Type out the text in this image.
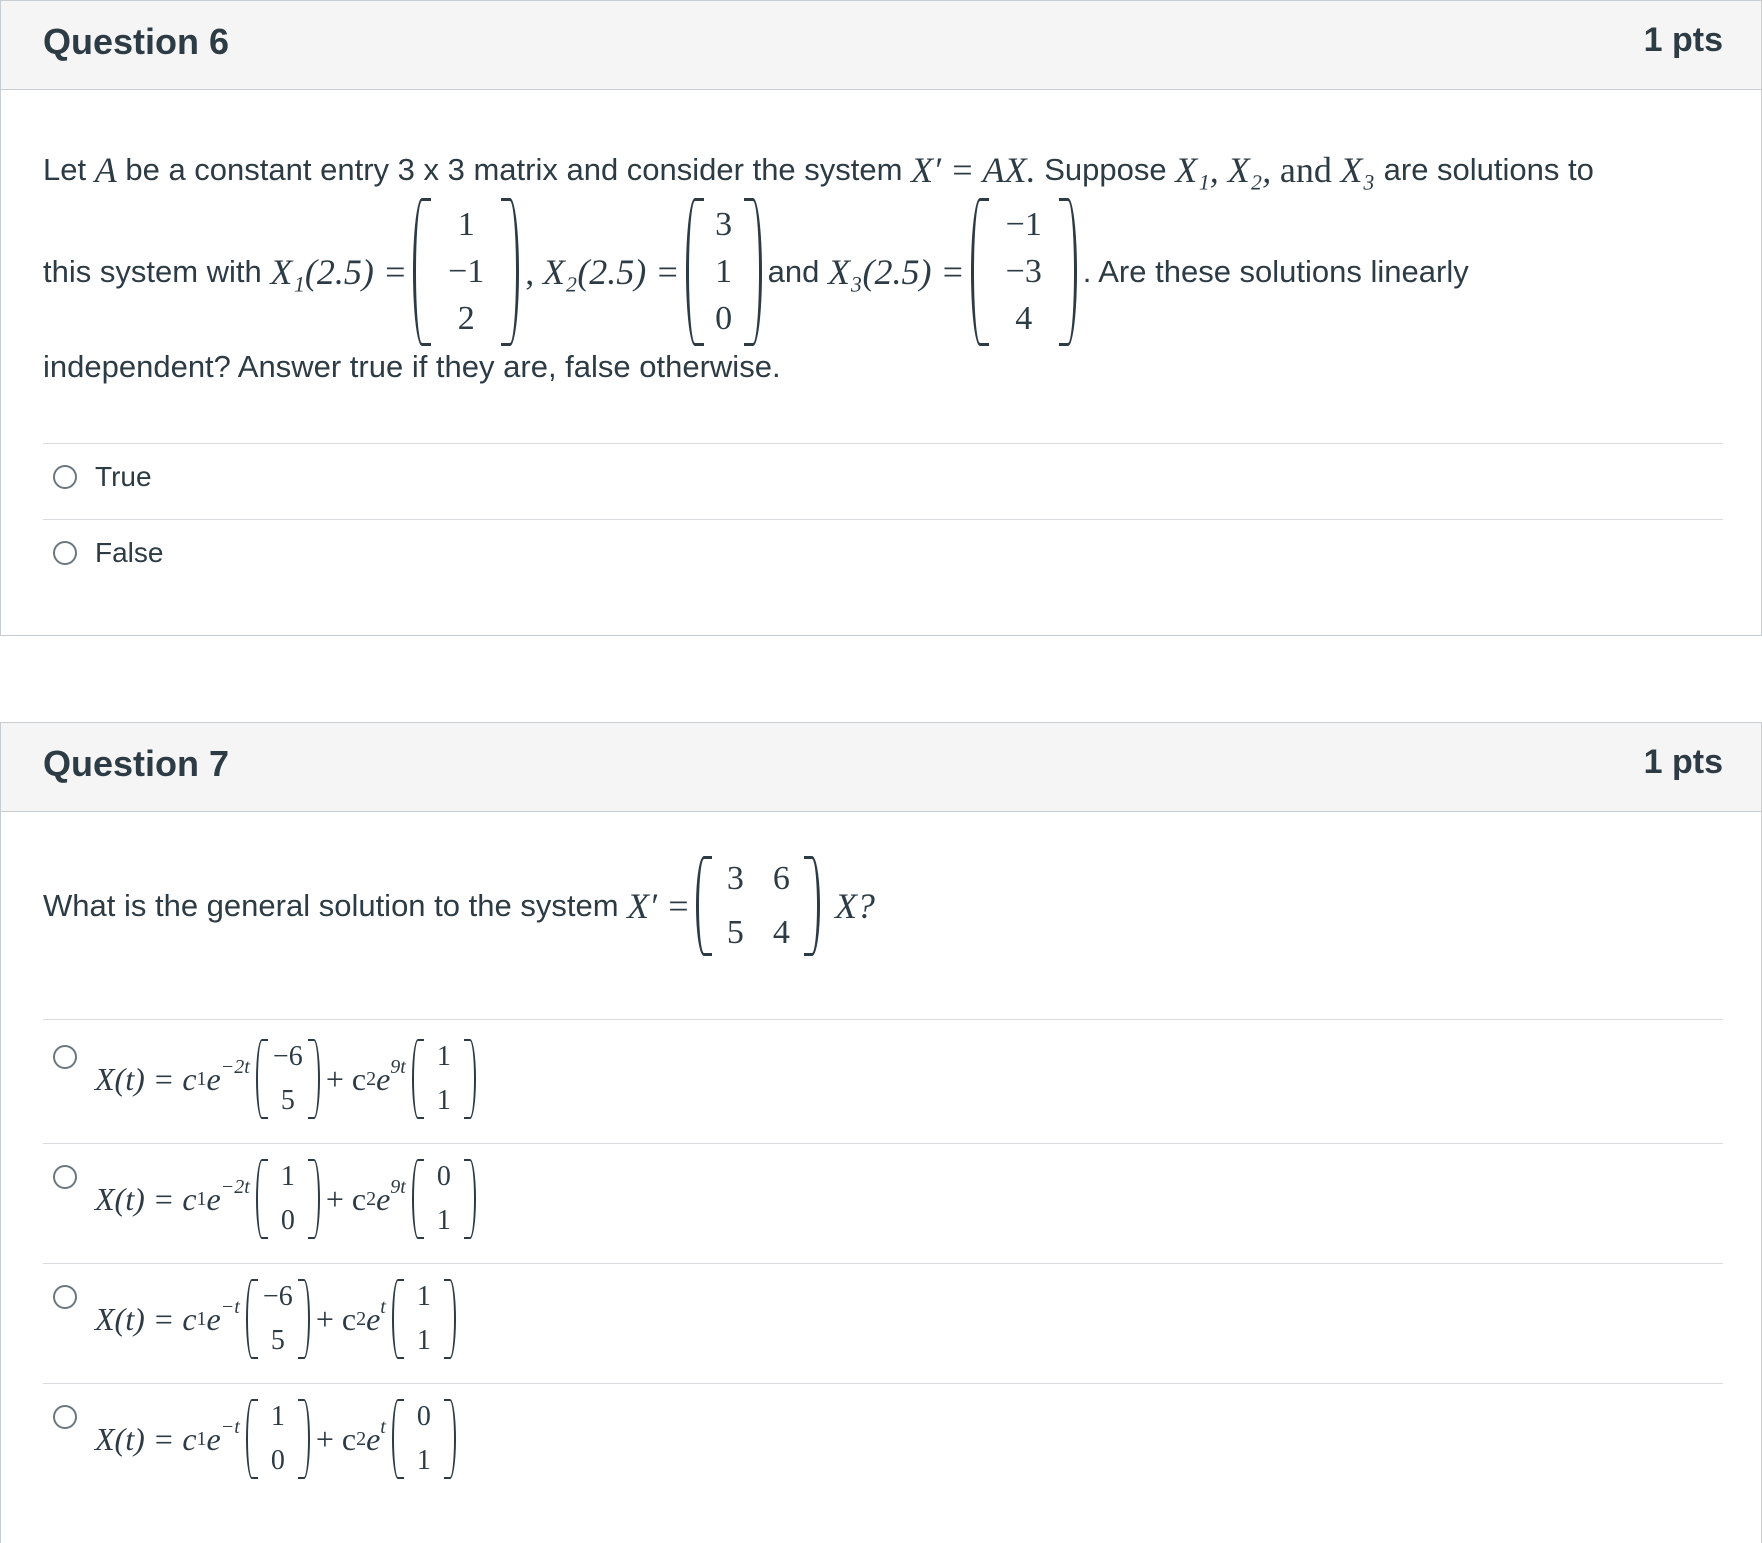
Question 6	1 pts
Let
A
be a constant entry 3 x 3 matrix and consider the system
X′ = AX.
Suppose
X₁, X₂,
and
X₃
are solutions to
this system with
X₁(2.5) =
1
−1
2
,
X₂(2.5) =
3
1
0
and
X₃(2.5) =
−1
−3
4
. Are these solutions linearly
independent? Answer true if they are, false otherwise.
True
False
Question 7	1 pts
What is the general solution to the system
X′ =
3
5
6
4

X?
X(t) = c 1 $e^{-2t} -6$
5
+ c 2 $e^{9t}$ 1
1
X(t) = c 1 $e^{-2t}$ 1
0
+ c 2 $e^{9t}$ 0
1
X(t) = c 1 $e^{-t} -6$
5
+ c 2 $e^t$ 1
1
X(t) = c 1 $e^{-t}$ 1
0
+ c 2 $e^t$ 0
1
